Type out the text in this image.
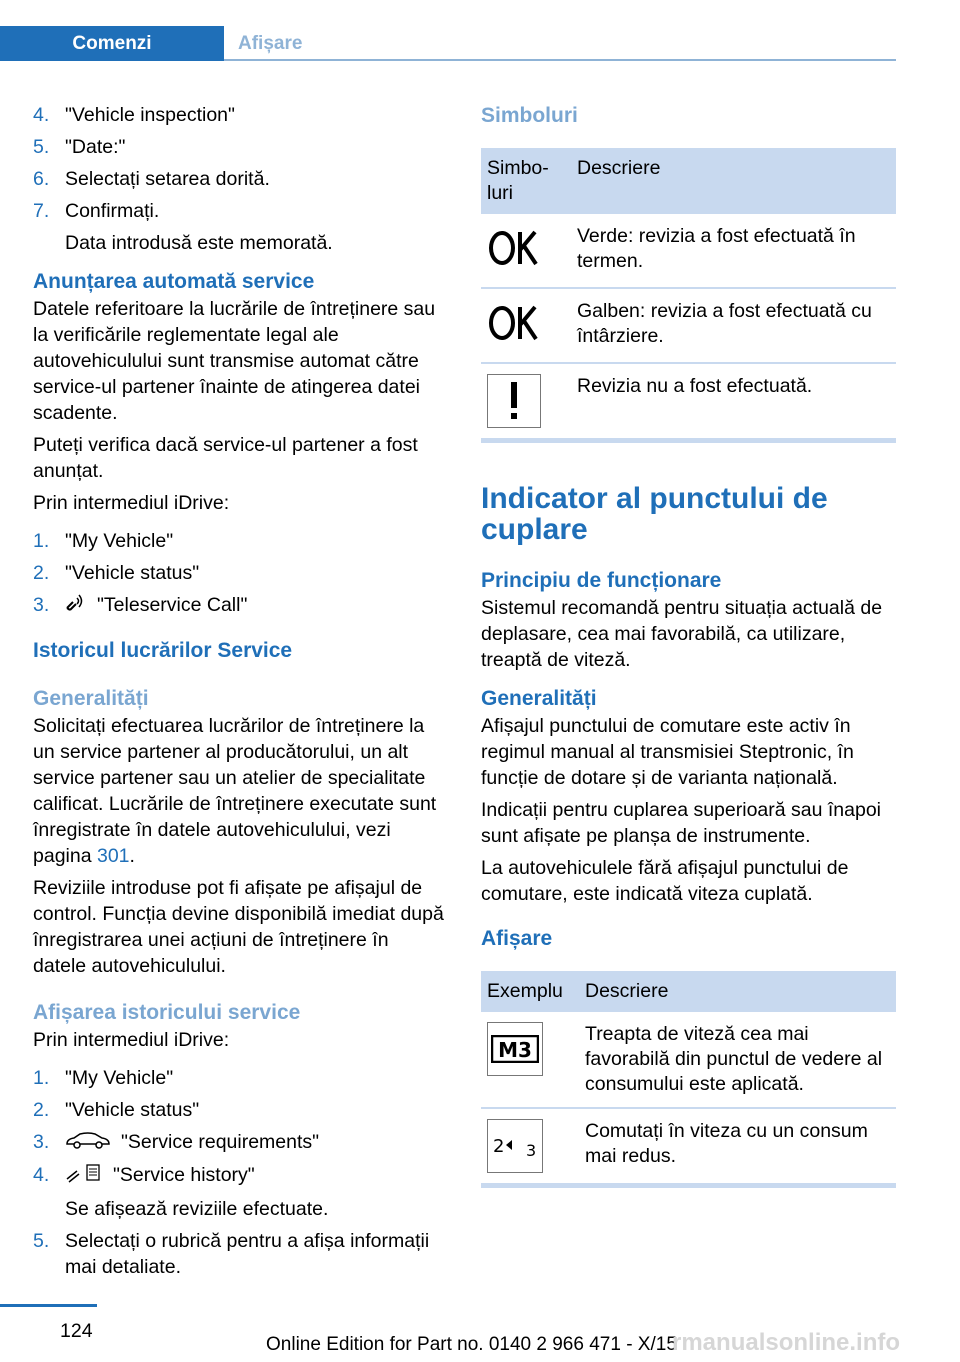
Comenzi	Afișare
4. "Vehicle inspection"
5. "Date:"
6. Selectați setarea dorită.
7. Confirmați.
Data introdusă este memorată.
Anunțarea automată service

Datele referitoare la lucrările de întreținere sau la verificările reglementate legal ale autovehiculului sunt transmise automat către service-ul partener înainte de atingerea datei scadente.

Puteți verifica dacă service-ul partener a fost anunțat.

Prin intermediul iDrive:

1. "My Vehicle"
2. "Vehicle status"
3.	"Teleservice Call"
Istoricul lucrărilor Service
Generalități

Solicitați efectuarea lucrărilor de întreținere la un service partener al producătorului, un alt service partener sau un atelier de specialitate calificat. Lucrările de întreținere executate sunt înregistrate în datele autovehiculului, vezi pagina 301.

Reviziile introduse pot fi afișate pe afișajul de control. Funcția devine disponibilă imediat după înregistrarea unei acțiuni de întreținere în datele autovehiculului.

Afișarea istoricului service

Prin intermediul iDrive:

1. "My Vehicle"
2. "Vehicle status"
3.	"Service requirements"
4.	"Service history"
Se afișează reviziile efectuate.
5. Selectați o rubrică pentru a afișa informații mai detaliate.
Simboluri
Simbo-
luri	Descriere

	Verde: revizia a fost efectuată în termen.

	Galben: revizia a fost efectuată cu întârziere.

	Revizia nu a fost efectuată.
Indicator al punctului de cuplare
Principiu de funcționare

Sistemul recomandă pentru situația actuală de deplasare, cea mai favorabilă, ca utilizare, treaptă de viteză.

Generalități

Afișajul punctului de comutare este activ în regimul manual al transmisiei Steptronic, în funcție de dotare și de varianta națională.

Indicații pentru cuplarea superioară sau înapoi sunt afișate pe planșa de instrumente.

La autovehiculele fără afișajul punctului de comutare, este indicată viteza cuplată.

Afișare
Exemplu	Descriere

M3	Treapta de viteză cea mai favorabilă din punctul de vedere al consumului este aplicată.

2 3	Comutați în viteza cu un consum mai redus.
124
Online Edition for Part no. 0140 2 966 471 - X/15
rmanualsonline.info
